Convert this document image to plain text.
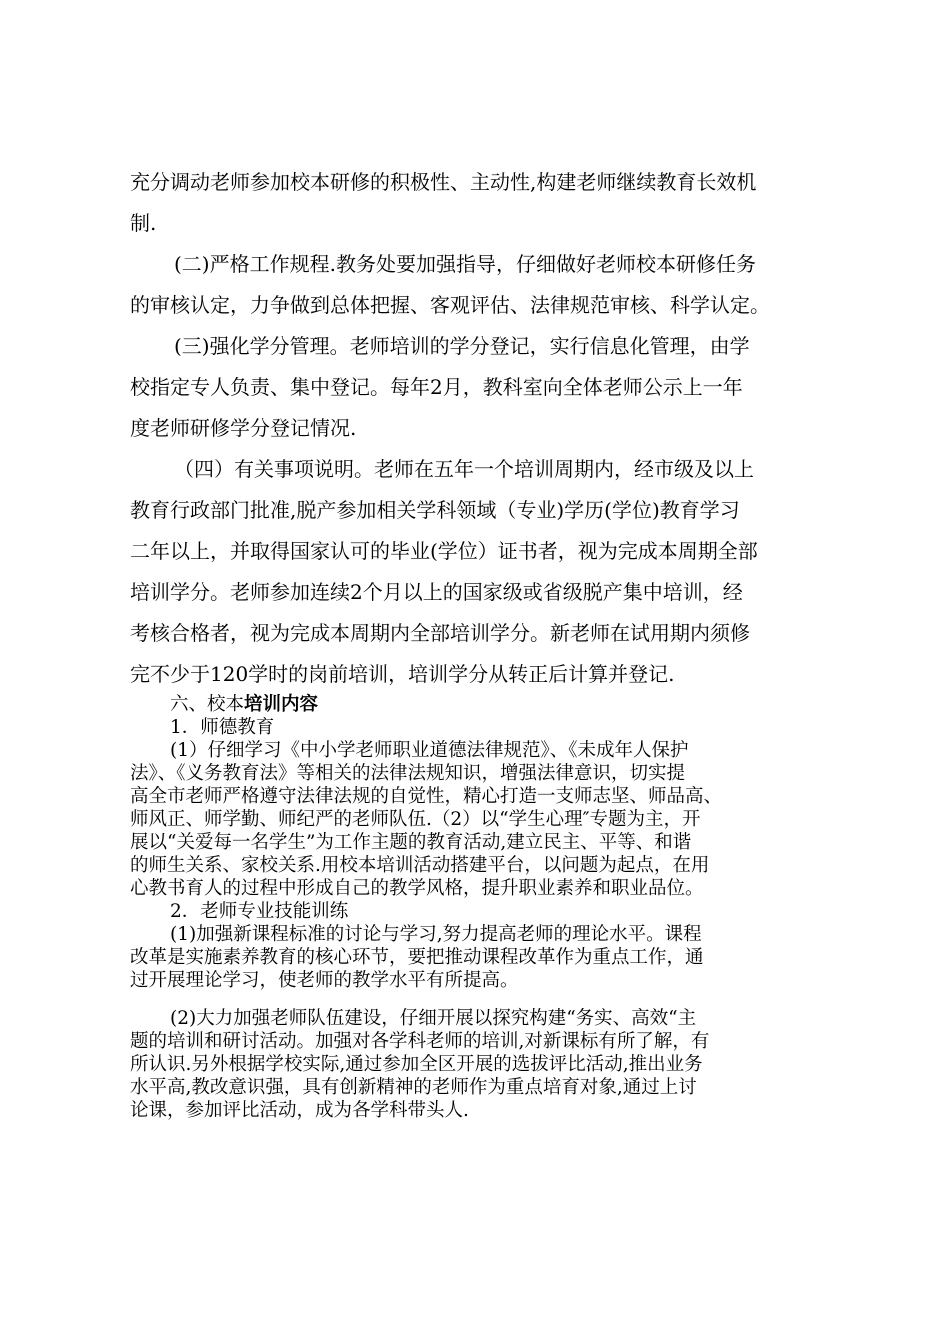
充分调动老师参加校本研修的积极性、主动性,构建老师继续教育长效机

制.

(二)严格工作规程.教务处要加强指导，仔细做好老师校本研修任务

的审核认定，力争做到总体把握、客观评估、法律规范审核、科学认定。

(三)强化学分管理。老师培训的学分登记，实行信息化管理，由学

校指定专人负责、集中登记。每年2月，教科室向全体老师公示上一年

度老师研修学分登记情况.

（四）有关事项说明。老师在五年一个培训周期内，经市级及以上

教育行政部门批准,脱产参加相关学科领域（专业)学历(学位)教育学习

二年以上，并取得国家认可的毕业(学位）证书者，视为完成本周期全部

培训学分。老师参加连续2个月以上的国家级或省级脱产集中培训，经

考核合格者，视为完成本周期内全部培训学分。新老师在试用期内须修

完不少于120学时的岗前培训，培训学分从转正后计算并登记.

六、校本培训内容

1．师德教育

(1）仔细学习《中小学老师职业道德法律规范》、《未成年人保护

法》、《义务教育法》等相关的法律法规知识，增强法律意识，切实提

高全市老师严格遵守法律法规的自觉性，精心打造一支师志坚、师品高、

师风正、师学勤、师纪严的老师队伍.（2）以“学生心理″专题为主，开

展以“关爱每一名学生”为工作主题的教育活动,建立民主、平等、和谐

的师生关系、家校关系.用校本培训活动搭建平台，以问题为起点，在用

心教书育人的过程中形成自己的教学风格，提升职业素养和职业品位。

2．老师专业技能训练

(1)加强新课程标准的讨论与学习,努力提高老师的理论水平。课程

改革是实施素养教育的核心环节，要把推动课程改革作为重点工作，通

过开展理论学习，使老师的教学水平有所提高。

(2)大力加强老师队伍建设，仔细开展以探究构建“务实、高效“主

题的培训和研讨活动。加强对各学科老师的培训,对新课标有所了解，有

所认识.另外根据学校实际,通过参加全区开展的选拔评比活动,推出业务

水平高,教改意识强，具有创新精神的老师作为重点培育对象,通过上讨

论课，参加评比活动，成为各学科带头人.
